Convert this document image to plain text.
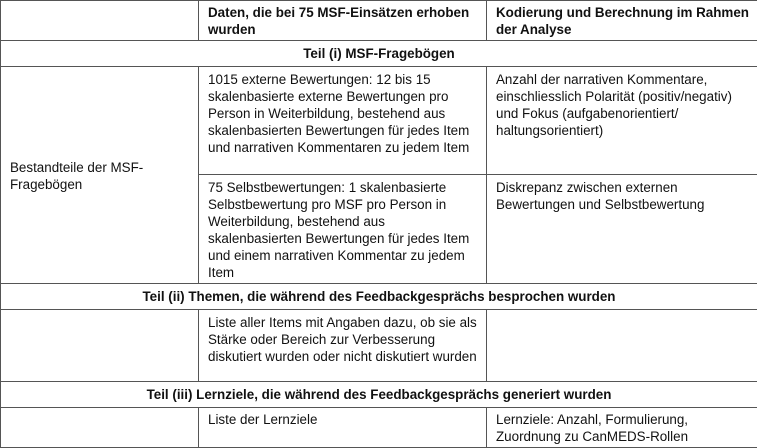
	Daten, die bei 75 MSF-Einsätzen erhoben wurden	Kodierung und Berechnung im Rahmen der Analyse
Teil (i) MSF-Fragebögen		
Bestandteile der MSF-Fragebögen	1015 externe Bewertungen: 12 bis 15 skalenbasierte externe Bewertungen pro Person in Weiterbildung, bestehend aus skalenbasierten Bewertungen für jedes Item und narrativen Kommentaren zu jedem Item	Anzahl der narrativen Kommentare, einschliesslich Polarität (positiv/negativ) und Fokus (aufgabenorientiert/ haltungsorientiert)
	75 Selbstbewertungen: 1 skalenbasierte Selbstbewertung pro MSF pro Person in Weiterbildung, bestehend aus skalenbasierten Bewertungen für jedes Item und einem narrativen Kommentar zu jedem Item	Diskrepanz zwischen externen Bewertungen und Selbstbewertung
Teil (ii) Themen, die während des Feedbackgesprächs besprochen wurden		
	Liste aller Items mit Angaben dazu, ob sie als Stärke oder Bereich zur Verbesserung diskutiert wurden oder nicht diskutiert wurden	
Teil (iii) Lernziele, die während des Feedbackgesprächs generiert wurden		
	Liste der Lernziele	Lernziele: Anzahl, Formulierung, Zuordnung zu CanMEDS-Rollen
